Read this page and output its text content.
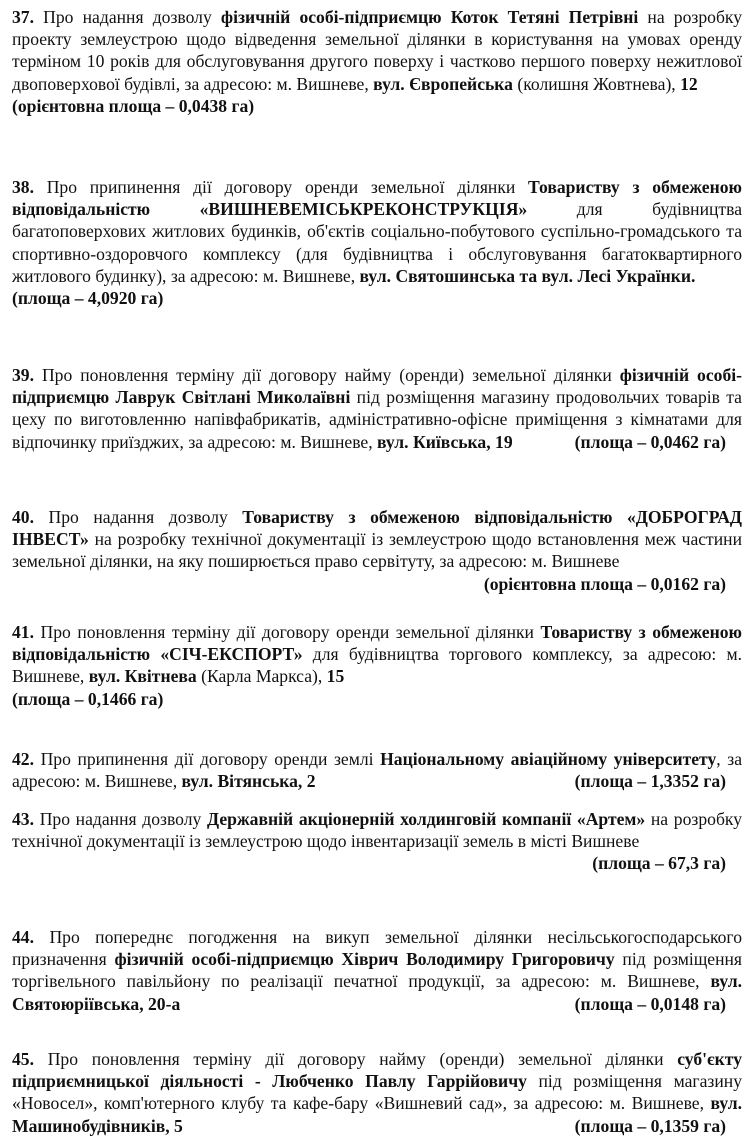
37. Про надання дозволу фізичній особі-підприємцю Коток Тетяні Петрівні на розробку проекту землеустрою щодо відведення земельної ділянки в користування на умовах оренду терміном 10 років для обслуговування другого поверху і частково першого поверху нежитлової двоповерхової будівлі, за адресою: м. Вишневе, вул. Європейська (колишня Жовтнева), 12

(орієнтовна площа – 0,0438 га)

38. Про припинення дії договору оренди земельної ділянки Товариству з обмеженою відповідальністю «ВИШНЕВЕМІСЬКРЕКОНСТРУКЦІЯ» для будівництва багатоповерхових житлових будинків, об'єктів соціально-побутового суспільно-громадського та спортивно-оздоровчого комплексу (для будівництва і обслуговування багатоквартирного житлового будинку), за адресою: м. Вишневе, вул. Святошинська та вул. Лесі Українки.

(площа – 4,0920 га)

39. Про поновлення терміну дії договору найму (оренди) земельної ділянки фізичній особі-підприємцю Лаврук Світлані Миколаївні під розміщення магазину продовольчих товарів та цеху по виготовленню напівфабрикатів, адміністративно-офісне приміщення з кімнатами для відпочинку приїзджих, за адресою: м. Вишневе, вул. Київська, 19	(площа – 0,0462 га)

40. Про надання дозволу Товариству з обмеженою відповідальністю «ДОБРОГРАД ІНВЕСТ» на розробку технічної документації із землеустрою щодо встановлення меж частини земельної ділянки, на яку поширюється право сервітуту, за адресою: м. Вишневе
(орієнтовна площа – 0,0162 га)

41. Про поновлення терміну дії договору оренди земельної ділянки Товариству з обмеженою відповідальністю «СІЧ-ЕКСПОРТ» для будівництва торгового комплексу, за адресою: м. Вишневе, вул. Квітнева (Карла Маркса), 15

(площа – 0,1466 га)

42. Про припинення дії договору оренди землі Національному авіаційному університету, за адресою: м. Вишневе, вул. Вітянська, 2	(площа – 1,3352 га)

43. Про надання дозволу Державній акціонерній холдинговій компанії «Артем» на розробку технічної документації із землеустрою щодо інвентаризації земель в місті Вишневе
(площа – 67,3 га)

44. Про попереднє погодження на викуп земельної ділянки несільськогосподарського призначення фізичній особі-підприємцю Хіврич Володимиру Григоровичу під розміщення торгівельного павільйону по реалізації печатної продукції, за адресою: м. Вишневе, вул. Святоюріївська, 20-а	(площа – 0,0148 га)

45. Про поновлення терміну дії договору найму (оренди) земельної ділянки суб'єкту підприємницької діяльності - Любченко Павлу Гаррійовичу під розміщення магазину «Новосел», комп'ютерного клубу та кафе-бару «Вишневий сад», за адресою: м. Вишневе, вул. Машинобудівників, 5	(площа – 0,1359 га)
